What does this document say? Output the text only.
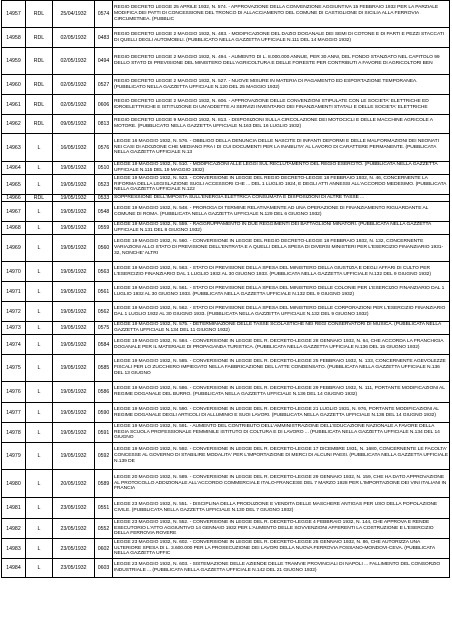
14957	RDL	25/04/1932	0574	REGIO DECRETO LEGGE 25 APRILE 1932, N. 574. - APPROVAZIONE DELLA CONVENZIONE AGGIUNTIVA 15 FEBBRAIO 1932 PER LA PARZIALE MODIFICA DEI PATTI DI CONCESSIONE DEL TRONCO DI ALLACCIAMENTO DEL COMUNE DI CASTIGLIONE DI SICILIA ALLA FERROVIA CIRCUMETNEA. (PUBBLIC
14958	RDL	02/05/1932	0483	REGIO DECRETO LEGGE 2 MAGGIO 1932, N. 483. - MODIFICAZIONE DEL DAZIO DOGANALE DEI SEMI DI COTONE E DI PARTI E PEZZI STACCATI DI QUELLI DEGLI AUTOMOBILI. (PUBBLICATO NELLA GAZZETTA UFFICIALE N.111 DEL 14 MAGGIO 1932)
14959	RDL	02/05/1932	0494	REGIO DECRETO LEGGE 2 MAGGIO 1932, N. 494. - AUMENTO DI L. 8.000.000 ANNUE, PER 30 ANNI, DEL FONDO STANZIATO NEL CAPITOLO 99 DELLO STATO DI PREVISIONE DEL MINISTERO DELL'AGRICOLTURA E DELLE FORESTE PER CONTRIBUTI A FAVORE DI AGRICOLTORI BEN
14960	RDL	02/05/1932	0527	REGIO DECRETO LEGGE 2 MAGGIO 1932, N. 527. - NUOVE MISURE IN MATERIA DI PAGAMENTO ED ESPORTAZIONE TEMPORANEA. (PUBBLICATO NELLA GAZZETTA UFFICIALE N.120 DEL 25 MAGGIO 1932)
14961	RDL	02/05/1932	0606	REGIO DECRETO LEGGE 2 MAGGIO 1932, N. 606. - APPROVAZIONE DELLE CONVENZIONI STIPULATE CON LE SOCIETA' ELETTRICHE ED IDROELETTRICHE E ISTITUZIONE DI UN'ADDETTE AI SERVIZI INVENTARIO DEI FINANZIAMENTI STATALI E DELLE SOCIETA' ELETTRICHE
14962	RDL	09/05/1932	0813	REGIO DECRETO LEGGE 9 MAGGIO 1932, N. 813. - DISPOSIZIONI SULLA CIRCOLAZIONE DEI MOTOCICLI E DELLE MACCHINE AGRICOLE A MOTORE. (PUBBLICATO NELLA GAZZETTA UFFICIALE N.163 DEL 16 LUGLIO 1932)
14963	L	16/05/1932	0576	LEGGE 16 MAGGIO 1932, N. 576. - OBBLIGO DELLA DENUNCIA DELLE NASCITE DI INFANTI DEFORMI E DELLE MALFORMAZIONI DEI NEONATI NEI CASI DI ADOZIONE CHE MEDIANO FRA I DI CUI DOCUMENTI PER LA INABILITA' AL LAVORO DI CARATTERE PERMANENTE. (PUBBLICATA NELLA GAZZETTA UFFICIALE N.13
14964	L	19/05/1932	0510	LEGGE 19 MAGGIO 1932, N. 510. - MODIFICAZIONI ALLE LEGGI SUL RECLUTAMENTO DEL REGIO ESERCITO. (PUBBLICATA NELLA GAZZETTA UFFICIALE N.115 DEL 19 MAGGIO 1932)
14965	L	19/05/1932	0523	LEGGE 19 MAGGIO 1932, N. 523. - CONVERSIONE IN LEGGE DEL REGIO DECRETO-LEGGE 18 FEBBRAIO 1932, N. 46, CONCERNENTE LA RIFORMA DELLA LEGISLAZIONE SUGLI ACCESSORI CHE ... DEL 1 LUGLIO 1924, E DEGLI ATTI ANNESSI ALL'ACCORDO MEDESIMO. (PUBBLICATA NELLA GAZZETTA UFFICIALE N.122
14966	RDL	19/05/1932	0533	SOPPRESSIONE DELL'IMPOSTA SULL'ENERGIA ELETTRICA CONSUMATA E DISPOSIZIONI DI ALTRE TASSE ...
14967	L	19/05/1932	0548	LEGGE 19 MAGGIO 1932, N. 548. - PROROGA DI TERMINE RELATIVAMENTE AD UNA OPERAZIONE DI FINANZIAMENTO RIGUARDANTE AL COMUNE DI ROMA. (PUBBLICATA NELLA GAZZETTA UFFICIALE N.129 DEL 6 GIUGNO 1932)
14968	L	19/05/1932	0559	LEGGE 19 MAGGIO 1932, N. 559. - RAGGRUPPAMENTO IN DUE REGGIMENTI DEI BATTAGLIONI MINATORI. (PUBBLICATA NELLA GAZZETTA UFFICIALE N.131 DEL 8 GIUGNO 1932)
14969	L	19/05/1932	0560	LEGGE 19 MAGGIO 1932, N. 560. - CONVERSIONE IN LEGGE DEL REGIO DECRETO-LEGGE 18 FEBBRAIO 1932, N. 132, CONCERNENTE VARIAZIONI ALLO STATO DI PREVISIONE DELL'ENTRATA E A QUELLI DELLA SPESA DI DIVERSI MINISTERI PER L'ESERCIZIO FINANZIARIO 1931-32, NONCHE' ALTRI
14970	L	19/05/1932	0563	LEGGE 19 MAGGIO 1932, N. 563. - STATO DI PREVISIONE DELLA SPESA DEL MINISTERO DELLA GIUSTIZIA E DEGLI AFFARI DI CULTO PER L'ESERCIZIO FINANZIARIO DAL 1 LUGLIO 1932 AL 30 GIUGNO 1933. (PUBBLICATA NELLA GAZZETTA UFFICIALE N.132 DEL 9 GIUGNO 1932)
14971	L	19/05/1932	0561	LEGGE 19 MAGGIO 1932, N. 561. - STATO DI PREVISIONE DELLA SPESA DEL MINISTERO DELLE COLONIE PER L'ESERCIZIO FINANZIARIO DAL 1 LUGLIO 1932 AL 30 GIUGNO 1933. (PUBBLICATA NELLA GAZZETTA UFFICIALE N.132 DEL 9 GIUGNO 1932)
14972	L	19/05/1932	0562	LEGGE 19 MAGGIO 1932, N. 562. - STATO DI PREVISIONE DELLA SPESA DEL MINISTERO DELLE CORPORAZIONI PER L'ESERCIZIO FINANZIARIO DAL 1 LUGLIO 1932 AL 30 GIUGNO 1933. (PUBBLICATA NELLA GAZZETTA UFFICIALE N.132 DEL 9 GIUGNO 1932)
14973	L	19/05/1932	0575	LEGGE 19 MAGGIO 1932, N. 575. - DETERMINAZIONE DELLE TASSE SCOLASTICHE NEI REGI CONSERVATORI DI MUSICA. (PUBBLICATA NELLA GAZZETTA UFFICIALE N.134 DEL 11 GIUGNO 1932)
14974	L	19/05/1932	0584	LEGGE 19 MAGGIO 1932, N. 584. - CONVERSIONE IN LEGGE DEL R. DECRETO-LEGGE 28 GENNAIO 1932, N. 64, CHE ACCORDA LA FRANCHIGIA DOGANALE PER IL MATERIALE DI PROPAGANDA TURISTICA. (PUBBLICATA NELLA GAZZETTA UFFICIALE N.136 DEL 15 GIUGNO 1932)
14975	L	19/05/1932	0585	LEGGE 19 MAGGIO 1932, N. 585. - CONVERSIONE IN LEGGE DEL R. DECRETO-LEGGE 25 FEBBRAIO 1932, N. 133, CONCERNENTE AGEVOLEZZE FISCALI PER LO ZUCCHERO IMPIEGATO NELLA FABBRICAZIONE DEL LATTE CONDENSATO. (PUBBLICATA NELLA GAZZETTA UFFICIALE N.136 DEL 13 GIUGNO
14976	L	19/05/1932	0586	LEGGE 19 MAGGIO 1932, N. 586. - CONVERSIONE IN LEGGE DEL R. DECRETO-LEGGE 29 FEBBRAIO 1932, N. 111, PORTANTE MODIFICAZIONI AL REGIME DOGANALE DEL BURRO. (PUBBLICATA NELLA GAZZETTA UFFICIALE N.136 DEL 14 GIUGNO 1932)
14977	L	19/05/1932	0590	LEGGE 19 MAGGIO 1932, N. 590. - CONVERSIONE IN LEGGE DEL R. DECRETO-LEGGE 21 LUGLIO 1931, N. 976, PORTANTE MODIFICAZIONI AL REGIME DOGANALE DEGLI ARTICOLI DI ALLUMINIO E SUOI LAVORI. (PUBBLICATA NELLA GAZZETTA UFFICIALE N.136 DEL 14 GIUGNO 1932)
14978	L	19/05/1932	0591	LEGGE 19 MAGGIO 1932, N. 591. - AUMENTO DEL CONTRIBUTO DELL'AMMINISTRAZIONE DELL'EDUCAZIONE NAZIONALE A FAVORE DELLA REGIA SCUOLA PROFESSIONALE FEMMINILE ISTITUTO DI COLTURA E DI LAVORO ... (PUBBLICATA NELLA GAZZETTA UFFICIALE N.134 DEL 14 GIUGNO
14979	L	19/05/1932	0592	LEGGE 19 MAGGIO 1932, N. 592. - CONVERSIONE IN LEGGE DEL R. DECRETO-LEGGE 17 DICEMBRE 1931, N. 1680, CONCERNENTE LE FACOLTA' CONCESSE AL GOVERNO DI STABILIRE MODALITA' PER L'IMPORTAZIONE DI MERCI DI ALCUNI PAESI. (PUBBLICATA NELLA GAZZETTA UFFICIALE N.139 DE
14980	L	20/05/1932	0589	LEGGE 20 MAGGIO 1932, N. 589. - CONVERSIONE IN LEGGE DEL R. DECRETO-LEGGE 29 GENNAIO 1932, N. 159, CHE HA DATO APPROVAZIONE AL PROTOCOLLO ADDIZIONALE ALL'ACCORDO COMMERCIALE ITALO-FRANCESE DEL 7 MARZO 1928 PER L'IMPORTAZIONE DEI VINI ITALIANI IN FRANCIA
14981	L	23/05/1932	0551	LEGGE 23 MAGGIO 1932, N. 551. - DISCIPLINA DELLA PRODUZIONE E VENDITA DELLE MASCHERE ANTIGAS PER USO DELLA POPOLAZIONE CIVILE. (PUBBLICATA NELLA GAZZETTA UFFICIALE N.130 DEL 7 GIUGNO 1932)
14982	L	23/05/1932	0552	LEGGE 23 MAGGIO 1932, N. 552. - CONVERSIONE IN LEGGE DEL R. DECRETO-LEGGE 4 FEBBRAIO 1932, N. 144, CHE APPROVA E RENDE ESECUTORIO L'ATTO AGGIUNTIVO 14 GENNAIO 1932 PER L'AUMENTO DELLE SOVVENZIONI AFFERENTI LA COSTRUZIONE E L'ESERCIZIO DELLA FERROVIA ROVERE
14983	L	23/05/1932	0602	LEGGE 23 MAGGIO 1932, N. 602. - CONVERSIONE IN LEGGE DEL R. DECRETO-LEGGE 25 GENNAIO 1932, N. 86, CHE AUTORIZZA UNA ULTERIORE SPESA DI L. 3.600.000 PER LA PROSECUZIONE DEI LAVORI DELLA NUOVA FERROVIA FOSSANO-MONDOVI-CEVA. (PUBBLICATA NELLA GAZZETTA UFFIC
14984	L	23/05/1932	0603	LEGGE 23 MAGGIO 1932, N. 603. - SISTEMAZIONE DELLE AZIENDE DELLE TRAMVIE PROVINCIALI DI NAPOLI ... FALLIMENTO DEL CONSORZIO INDUSTRIALE ... (PUBBLICATA NELLA GAZZETTA UFFICIALE N.142 DEL 21 GIUGNO 1932)
